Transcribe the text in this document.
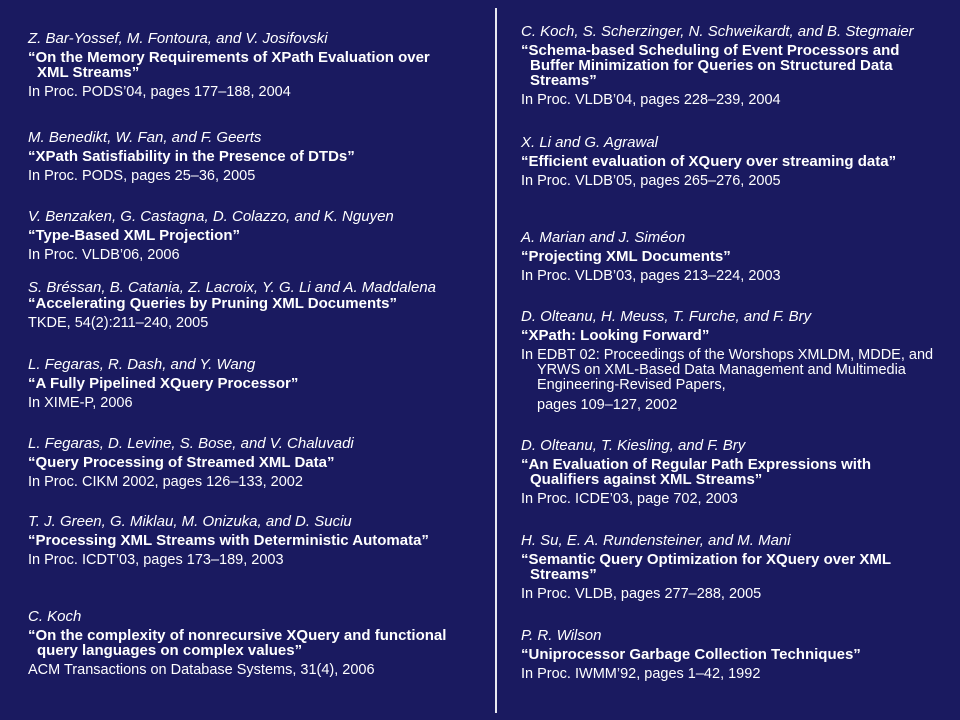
Z. Bar-Yossef, M. Fontoura, and V. Josifovski
“On the Memory Requirements of XPath Evaluation over XML Streams”
In Proc. PODS’04, pages 177–188, 2004
M. Benedikt, W. Fan, and F. Geerts
“XPath Satisfiability in the Presence of DTDs”
In Proc. PODS, pages 25–36, 2005
V. Benzaken, G. Castagna, D. Colazzo, and K. Nguyen
“Type-Based XML Projection”
In Proc. VLDB’06, 2006
S. Bréssan, B. Catania, Z. Lacroix, Y. G. Li and A. Maddalena
“Accelerating Queries by Pruning XML Documents”
TKDE, 54(2):211–240, 2005
L. Fegaras, R. Dash, and Y. Wang
“A Fully Pipelined XQuery Processor”
In XIME-P, 2006
L. Fegaras, D. Levine, S. Bose, and V. Chaluvadi
“Query Processing of Streamed XML Data”
In Proc. CIKM 2002, pages 126–133, 2002
T. J. Green, G. Miklau, M. Onizuka, and D. Suciu
“Processing XML Streams with Deterministic Automata”
In Proc. ICDT’03, pages 173–189, 2003
C. Koch
“On the complexity of nonrecursive XQuery and functional query languages on complex values”
ACM Transactions on Database Systems, 31(4), 2006
C. Koch, S. Scherzinger, N. Schweikardt, and B. Stegmaier
“Schema-based Scheduling of Event Processors and Buffer Minimization for Queries on Structured Data Streams”
In Proc. VLDB’04, pages 228–239, 2004
X. Li and G. Agrawal
“Efficient evaluation of XQuery over streaming data”
In Proc. VLDB’05, pages 265–276, 2005
A. Marian and J. Siméon
“Projecting XML Documents”
In Proc. VLDB’03, pages 213–224, 2003
D. Olteanu, H. Meuss, T. Furche, and F. Bry
“XPath: Looking Forward”
In EDBT 02: Proceedings of the Worshops XMLDM, MDDE, and YRWS on XML-Based Data Management and Multimedia Engineering-Revised Papers,
pages 109–127, 2002
D. Olteanu, T. Kiesling, and F. Bry
“An Evaluation of Regular Path Expressions with Qualifiers against XML Streams”
In Proc. ICDE’03, page 702, 2003
H. Su, E. A. Rundensteiner, and M. Mani
“Semantic Query Optimization for XQuery over XML Streams”
In Proc. VLDB, pages 277–288, 2005
P. R. Wilson
“Uniprocessor Garbage Collection Techniques”
In Proc. IWMM’92, pages 1–42, 1992
